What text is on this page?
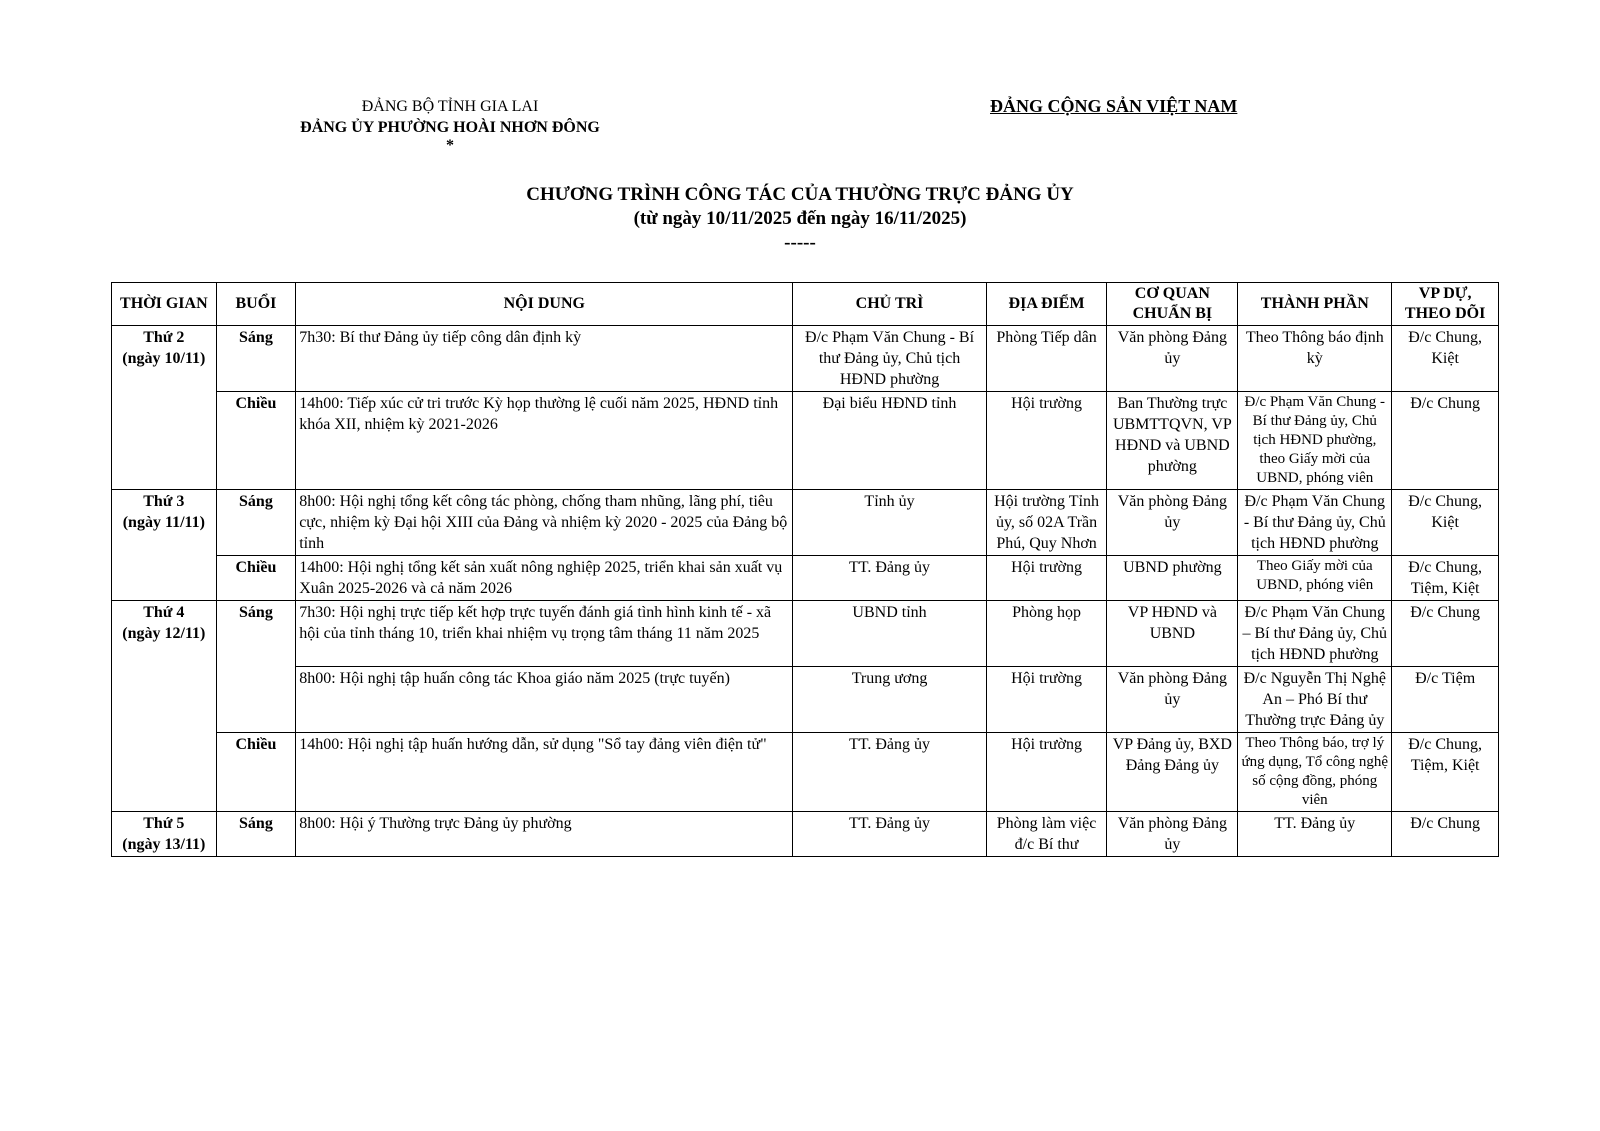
ĐẢNG BỘ TỈNH GIA LAI
ĐẢNG ỦY PHƯỜNG HOÀI NHƠN ĐÔNG
*
ĐẢNG CỘNG SẢN VIỆT NAM
CHƯƠNG TRÌNH CÔNG TÁC CỦA THƯỜNG TRỰC ĐẢNG ỦY
(từ ngày 10/11/2025 đến ngày 16/11/2025)
-----
THỜI GIAN	BUỔI	NỘI DUNG	CHỦ TRÌ	ĐỊA ĐIỂM	CƠ QUAN CHUẨN BỊ	THÀNH PHẦN	VP DỰ, THEO DÕI

Thứ 2
(ngày 10/11)	Sáng	7h30: Bí thư Đảng ủy tiếp công dân định kỳ	Đ/c Phạm Văn Chung - Bí thư Đảng ủy, Chủ tịch HĐND phường	Phòng Tiếp dân	Văn phòng Đảng ủy	Theo Thông báo định kỳ	Đ/c Chung, Kiệt
	Chiều	14h00: Tiếp xúc cử tri trước Kỳ họp thường lệ cuối năm 2025, HĐND tỉnh khóa XII, nhiệm kỳ 2021-2026	Đại biểu HĐND tỉnh	Hội trường	Ban Thường trực UBMTTQVN, VP HĐND và UBND phường	Đ/c Phạm Văn Chung - Bí thư Đảng ủy, Chủ tịch HĐND phường, theo Giấy mời của UBND, phóng viên	Đ/c Chung

Thứ 3
(ngày 11/11)	Sáng	8h00: Hội nghị tổng kết công tác phòng, chống tham nhũng, lãng phí, tiêu cực, nhiệm kỳ Đại hội XIII của Đảng và nhiệm kỳ 2020 - 2025 của Đảng bộ tỉnh	Tỉnh ủy	Hội trường Tỉnh ủy, số 02A Trần Phú, Quy Nhơn	Văn phòng Đảng ủy	Đ/c Phạm Văn Chung - Bí thư Đảng ủy, Chủ tịch HĐND phường	Đ/c Chung, Kiệt
	Chiều	14h00: Hội nghị tổng kết sản xuất nông nghiệp 2025, triển khai sản xuất vụ Xuân 2025-2026 và cả năm 2026	TT. Đảng ủy	Hội trường	UBND phường	Theo Giấy mời của UBND, phóng viên	Đ/c Chung, Tiệm, Kiệt

Thứ 4
(ngày 12/11)	Sáng	7h30: Hội nghị trực tiếp kết hợp trực tuyến đánh giá tình hình kinh tế - xã hội của tỉnh tháng 10, triển khai nhiệm vụ trọng tâm tháng 11 năm 2025	UBND tỉnh	Phòng họp	VP HĐND và UBND	Đ/c Phạm Văn Chung – Bí thư Đảng ủy, Chủ tịch HĐND phường	Đ/c Chung
		8h00: Hội nghị tập huấn công tác Khoa giáo năm 2025 (trực tuyến)	Trung ương	Hội trường	Văn phòng Đảng ủy	Đ/c Nguyễn Thị Nghệ An – Phó Bí thư Thường trực Đảng ủy	Đ/c Tiệm
	Chiều	14h00: Hội nghị tập huấn hướng dẫn, sử dụng "Sổ tay đảng viên điện tử"	TT. Đảng ủy	Hội trường	VP Đảng ủy, BXD Đảng Đảng ủy	Theo Thông báo, trợ lý ứng dụng, Tổ công nghệ số cộng đồng, phóng viên	Đ/c Chung, Tiệm, Kiệt

Thứ 5
(ngày 13/11)	Sáng	8h00: Hội ý Thường trực Đảng ủy phường	TT. Đảng ủy	Phòng làm việc đ/c Bí thư	Văn phòng Đảng ủy	TT. Đảng ủy	Đ/c Chung
